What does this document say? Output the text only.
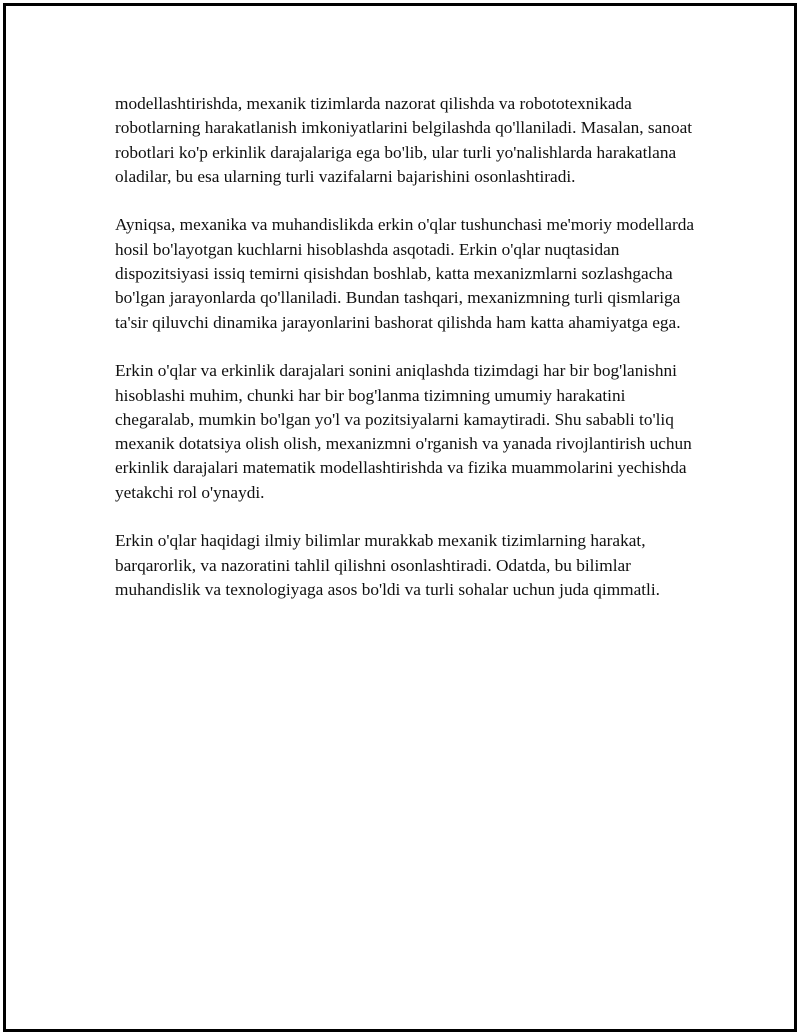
modellashtirishda, mexanik tizimlarda nazorat qilishda va robototexnikada robotlarning harakatlanish imkoniyatlarini belgilashda qo'llaniladi. Masalan, sanoat robotlari ko'p erkinlik darajalariga ega bo'lib, ular turli yo'nalishlarda harakatlana oladilar, bu esa ularning turli vazifalarni bajarishini osonlashtiradi.

Ayniqsa, mexanika va muhandislikda erkin o'qlar tushunchasi me'moriy modellarda hosil bo'layotgan kuchlarni hisoblashda asqotadi. Erkin o'qlar nuqtasidan dispozitsiyasi issiq temirni qisishdan boshlab, katta mexanizmlarni sozlashgacha bo'lgan jarayonlarda qo'llaniladi. Bundan tashqari, mexanizmning turli qismlariga ta'sir qiluvchi dinamika jarayonlarini bashorat qilishda ham katta ahamiyatga ega.

Erkin o'qlar va erkinlik darajalari sonini aniqlashda tizimdagi har bir bog'lanishni hisoblashi muhim, chunki har bir bog'lanma tizimning umumiy harakatini chegaralab, mumkin bo'lgan yo'l va pozitsiyalarni kamaytiradi. Shu sababli to'liq mexanik dotatsiya olish olish, mexanizmni o'rganish va yanada rivojlantirish uchun erkinlik darajalari matematik modellashtirishda va fizika muammolarini yechishda yetakchi rol o'ynaydi.

Erkin o'qlar haqidagi ilmiy bilimlar murakkab mexanik tizimlarning harakat, barqarorlik, va nazoratini tahlil qilishni osonlashtiradi. Odatda, bu bilimlar muhandislik va texnologiyaga asos bo'ldi va turli sohalar uchun juda qimmatli.
